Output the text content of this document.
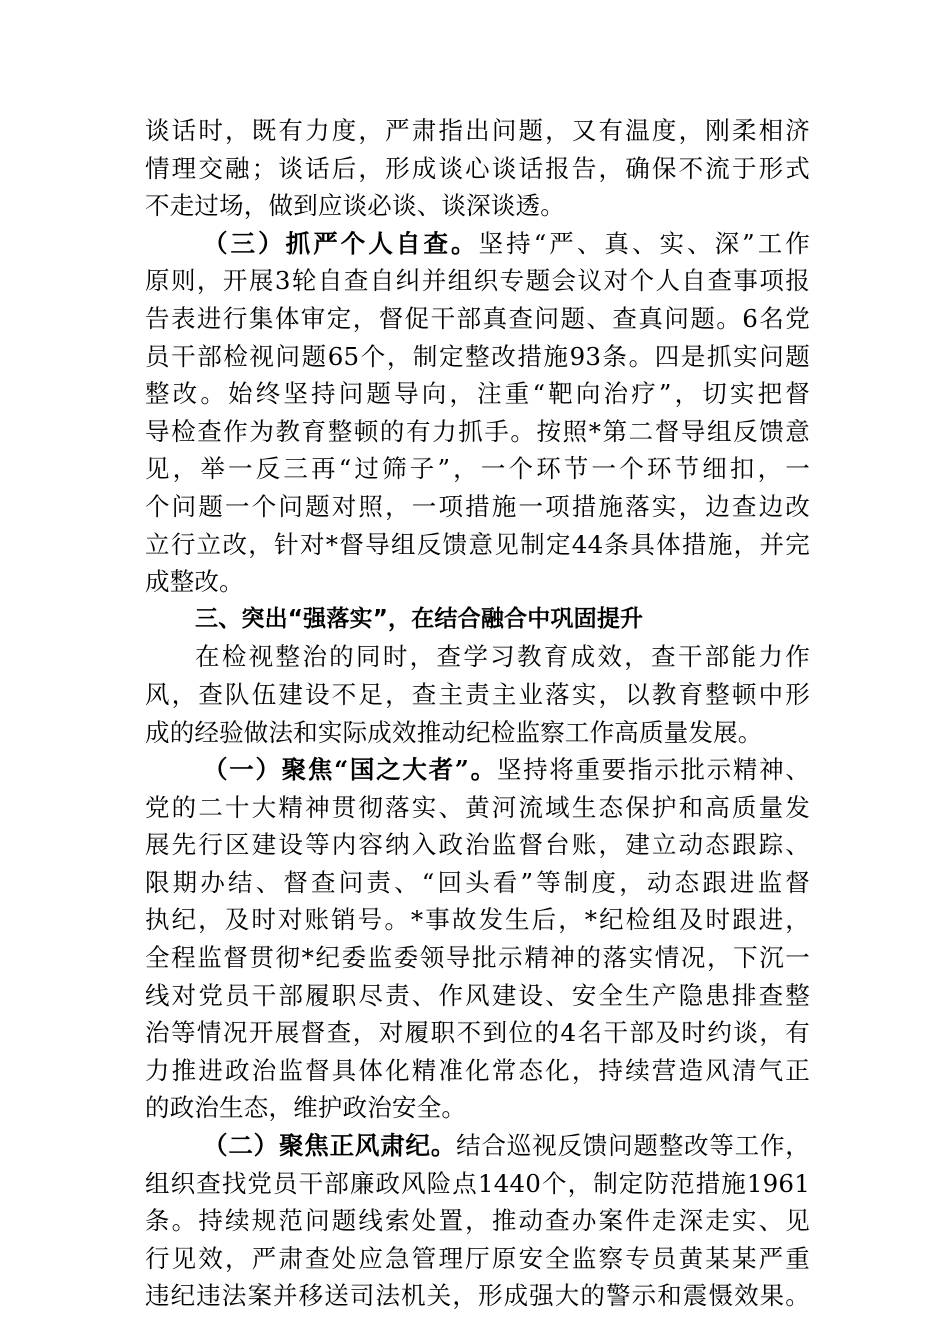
谈话时，既有力度，严肃指出问题，又有温度，刚柔相济
情理交融；谈话后，形成谈心谈话报告，确保不流于形式
不走过场，做到应谈必谈、谈深谈透。
（三）抓严个人自查。坚持“严、真、实、深”工作
原则，开展3轮自查自纠并组织专题会议对个人自查事项报
告表进行集体审定，督促干部真查问题、查真问题。6名党
员干部检视问题65个，制定整改措施93条。四是抓实问题
整改。始终坚持问题导向，注重“靶向治疗”，切实把督
导检查作为教育整顿的有力抓手。按照*第二督导组反馈意
见，举一反三再“过筛子”，一个环节一个环节细扣，一
个问题一个问题对照，一项措施一项措施落实，边查边改
立行立改，针对*督导组反馈意见制定44条具体措施，并完
成整改。
三、突出“强落实”，在结合融合中巩固提升
在检视整治的同时，查学习教育成效，查干部能力作
风，查队伍建设不足，查主责主业落实，以教育整顿中形
成的经验做法和实际成效推动纪检监察工作高质量发展。
（一）聚焦“国之大者”。坚持将重要指示批示精神、
党的二十大精神贯彻落实、黄河流域生态保护和高质量发
展先行区建设等内容纳入政治监督台账，建立动态跟踪、
限期办结、督查问责、“回头看”等制度，动态跟进监督
执纪，及时对账销号。*事故发生后，*纪检组及时跟进，
全程监督贯彻*纪委监委领导批示精神的落实情况，下沉一
线对党员干部履职尽责、作风建设、安全生产隐患排查整
治等情况开展督查，对履职不到位的4名干部及时约谈，有
力推进政治监督具体化精准化常态化，持续营造风清气正
的政治生态，维护政治安全。
（二）聚焦正风肃纪。结合巡视反馈问题整改等工作，
组织查找党员干部廉政风险点1440个，制定防范措施1961
条。持续规范问题线索处置，推动查办案件走深走实、见
行见效，严肃查处应急管理厅原安全监察专员黄某某严重
违纪违法案并移送司法机关，形成强大的警示和震慑效果。
